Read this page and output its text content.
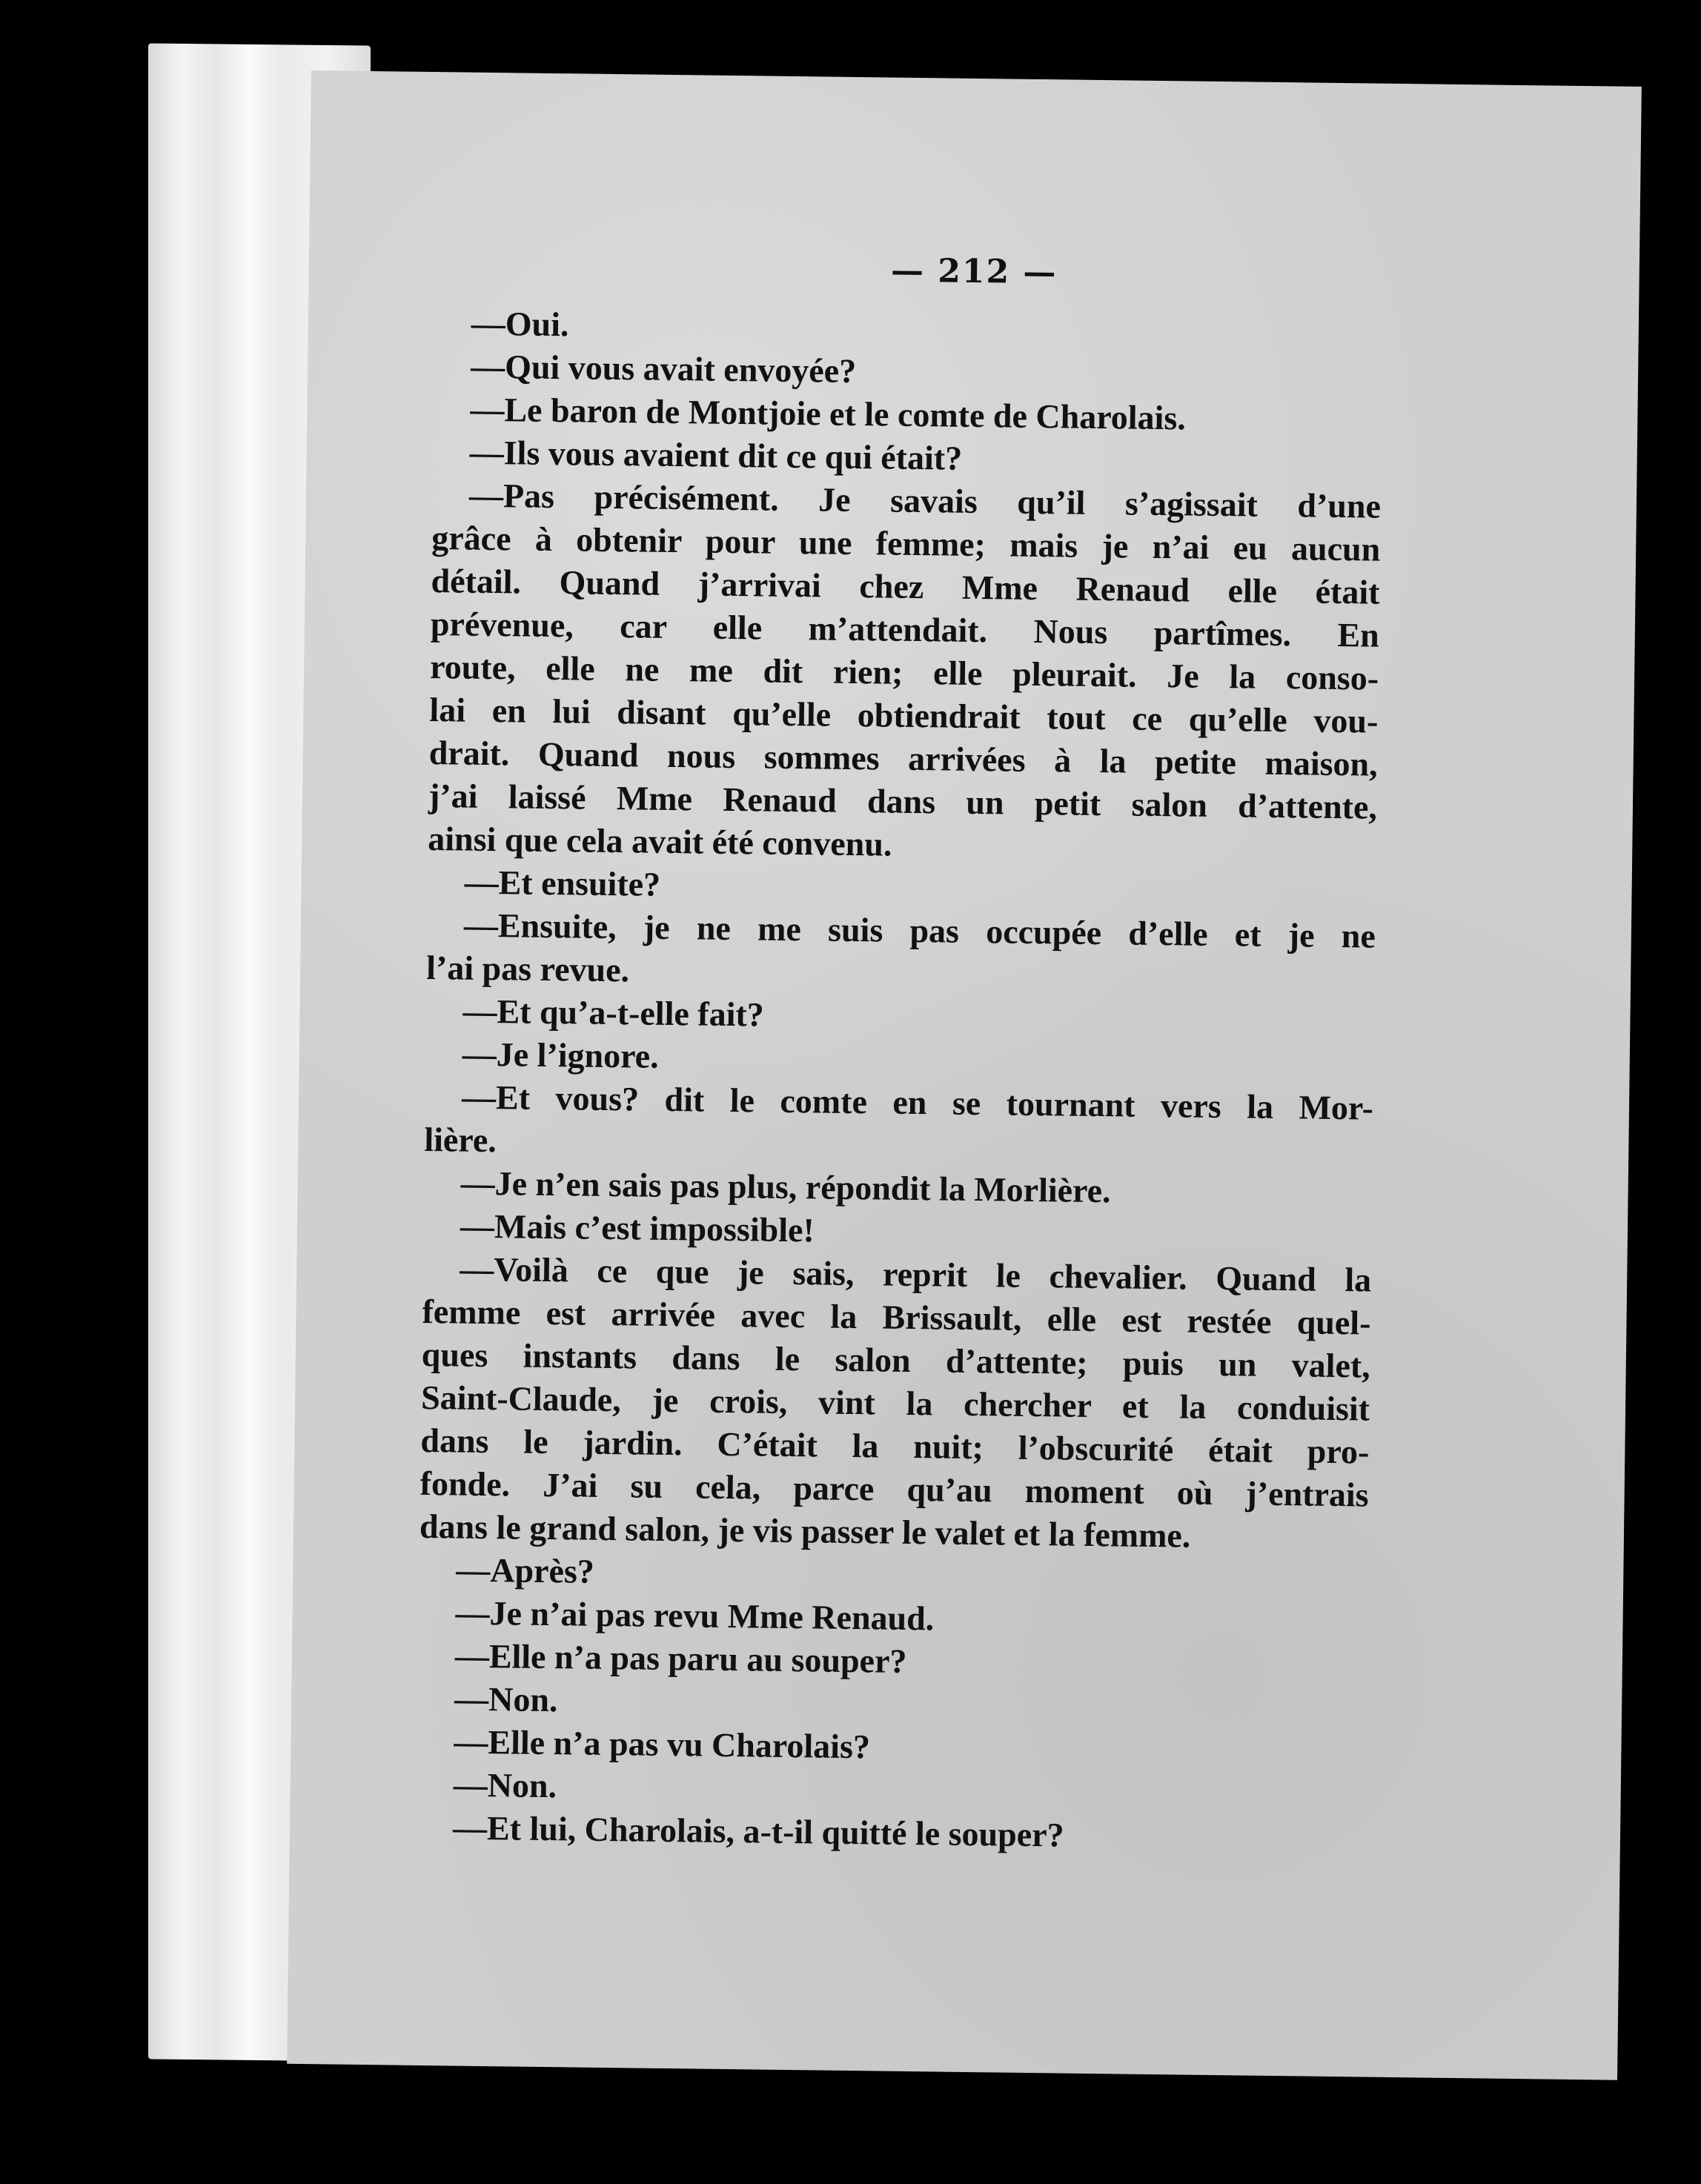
— 212 —
—Oui.
—Qui vous avait envoyée?
—Le baron de Montjoie et le comte de Charolais.
—Ils vous avaient dit ce qui était?
—Pas précisément. Je savais qu’il s’agissait d’une
grâce à obtenir pour une femme; mais je n’ai eu aucun
détail. Quand j’arrivai chez Mme Renaud elle était
prévenue, car elle m’attendait. Nous partîmes. En
route, elle ne me dit rien; elle pleurait. Je la conso-
lai en lui disant qu’elle obtiendrait tout ce qu’elle vou-
drait. Quand nous sommes arrivées à la petite maison,
j’ai laissé Mme Renaud dans un petit salon d’attente,
ainsi que cela avait été convenu.
—Et ensuite?
—Ensuite, je ne me suis pas occupée d’elle et je ne
l’ai pas revue.
—Et qu’a-t-elle fait?
—Je l’ignore.
—Et vous? dit le comte en se tournant vers la Mor-
lière.
—Je n’en sais pas plus, répondit la Morlière.
—Mais c’est impossible!
—Voilà ce que je sais, reprit le chevalier. Quand la
femme est arrivée avec la Brissault, elle est restée quel-
ques instants dans le salon d’attente; puis un valet,
Saint-Claude, je crois, vint la chercher et la conduisit
dans le jardin. C’était la nuit; l’obscurité était pro-
fonde. J’ai su cela, parce qu’au moment où j’entrais
dans le grand salon, je vis passer le valet et la femme.
—Après?
—Je n’ai pas revu Mme Renaud.
—Elle n’a pas paru au souper?
—Non.
—Elle n’a pas vu Charolais?
—Non.
—Et lui, Charolais, a-t-il quitté le souper?
